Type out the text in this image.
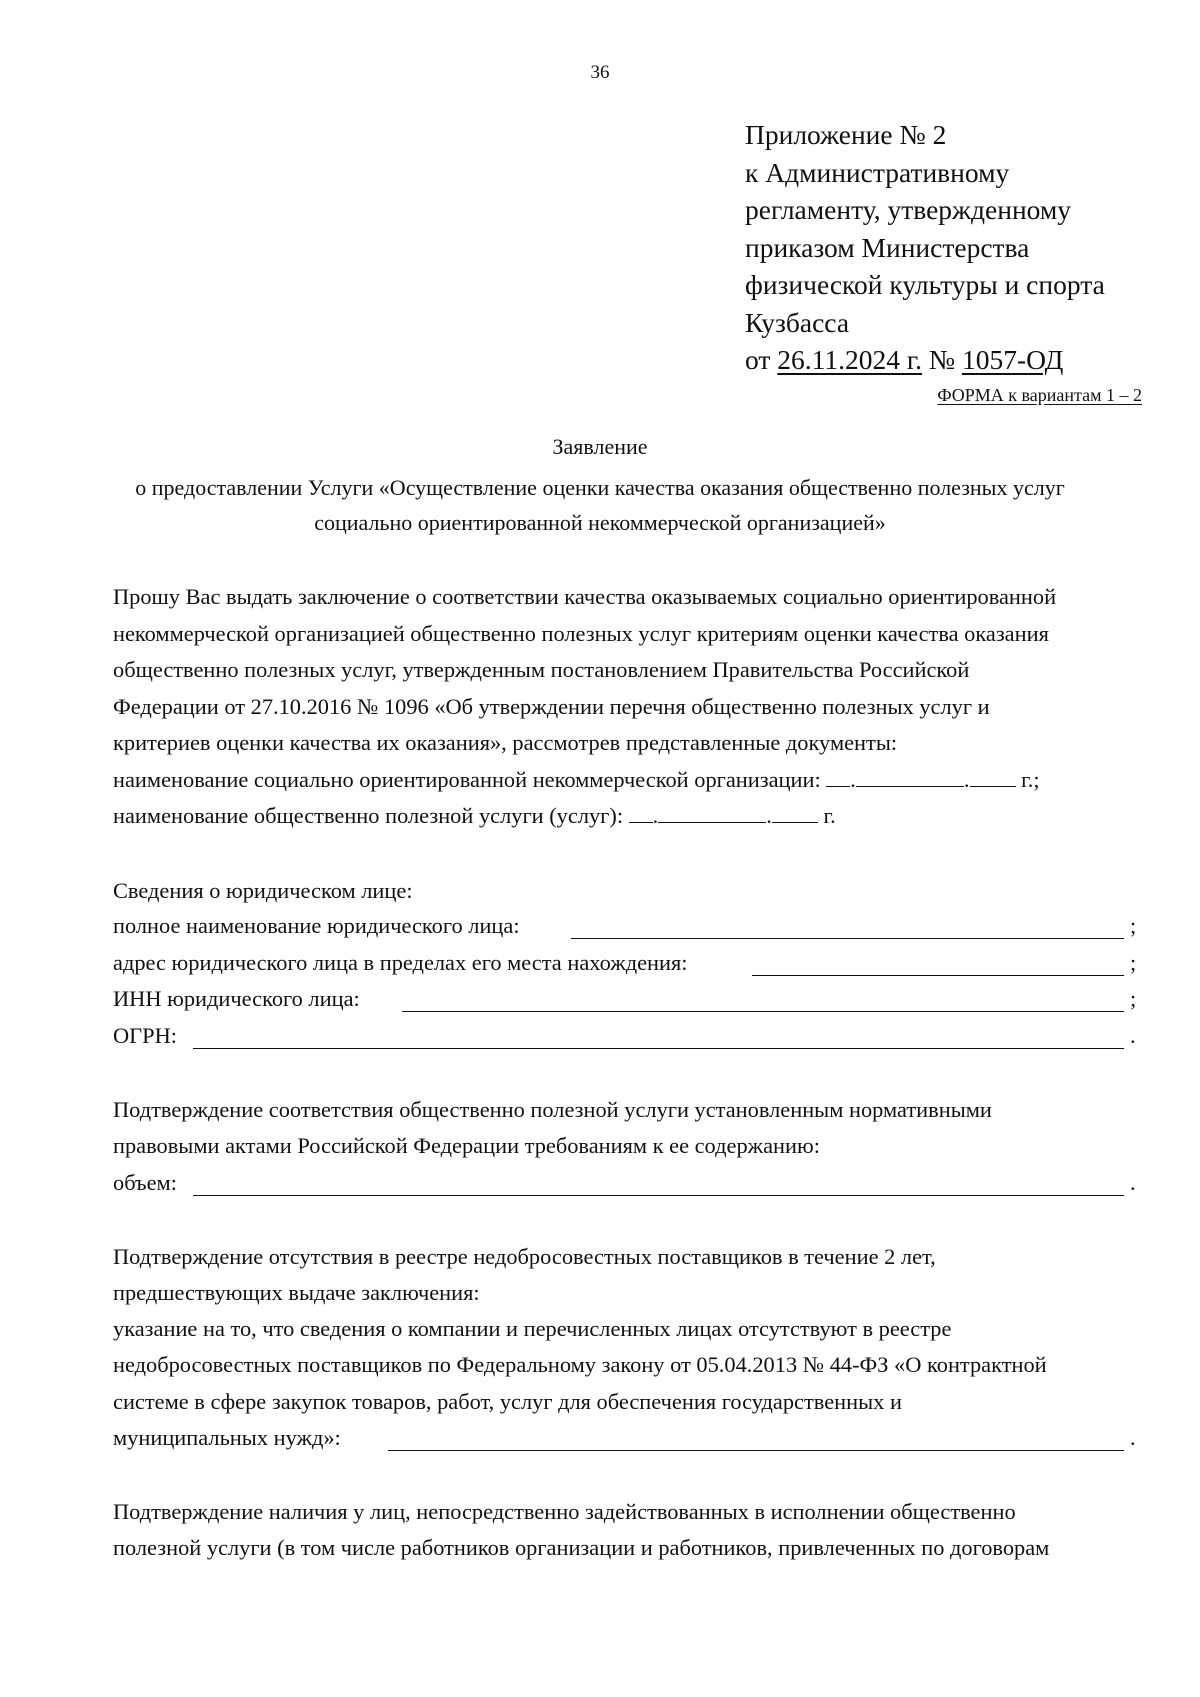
36
Приложение № 2
к Административному
регламенту, утвержденному
приказом Министерства
физической культуры и спорта
Кузбасса
от 26.11.2024 г. № 1057-ОД
ФОРМА к вариантам 1 – 2
Заявление
о предоставлении Услуги «Осуществление оценки качества оказания общественно полезных услуг
социально ориентированной некоммерческой организацией»
Прошу Вас выдать заключение о соответствии качества оказываемых социально ориентированной
некоммерческой организацией общественно полезных услуг критериям оценки качества оказания
общественно полезных услуг, утвержденным постановлением Правительства Российской
Федерации от 27.10.2016 № 1096 «Об утверждении перечня общественно полезных услуг и
критериев оценки качества их оказания», рассмотрев представленные документы:
наименование социально ориентированной некоммерческой организации: .	. г.;
наименование общественно полезной услуги (услуг): .	. г.
Сведения о юридическом лице:
полное наименование юридического лица:	;
адрес юридического лица в пределах его места нахождения:	;
ИНН юридического лица:	;
ОГРН:	.
Подтверждение соответствия общественно полезной услуги установленным нормативными
правовыми актами Российской Федерации требованиям к ее содержанию:
объем:	.
Подтверждение отсутствия в реестре недобросовестных поставщиков в течение 2 лет,
предшествующих выдаче заключения:
указание на то, что сведения о компании и перечисленных лицах отсутствуют в реестре
недобросовестных поставщиков по Федеральному закону от 05.04.2013 № 44-ФЗ «О контрактной
системе в сфере закупок товаров, работ, услуг для обеспечения государственных и
муниципальных нужд»:	.
Подтверждение наличия у лиц, непосредственно задействованных в исполнении общественно
полезной услуги (в том числе работников организации и работников, привлеченных по договорам
